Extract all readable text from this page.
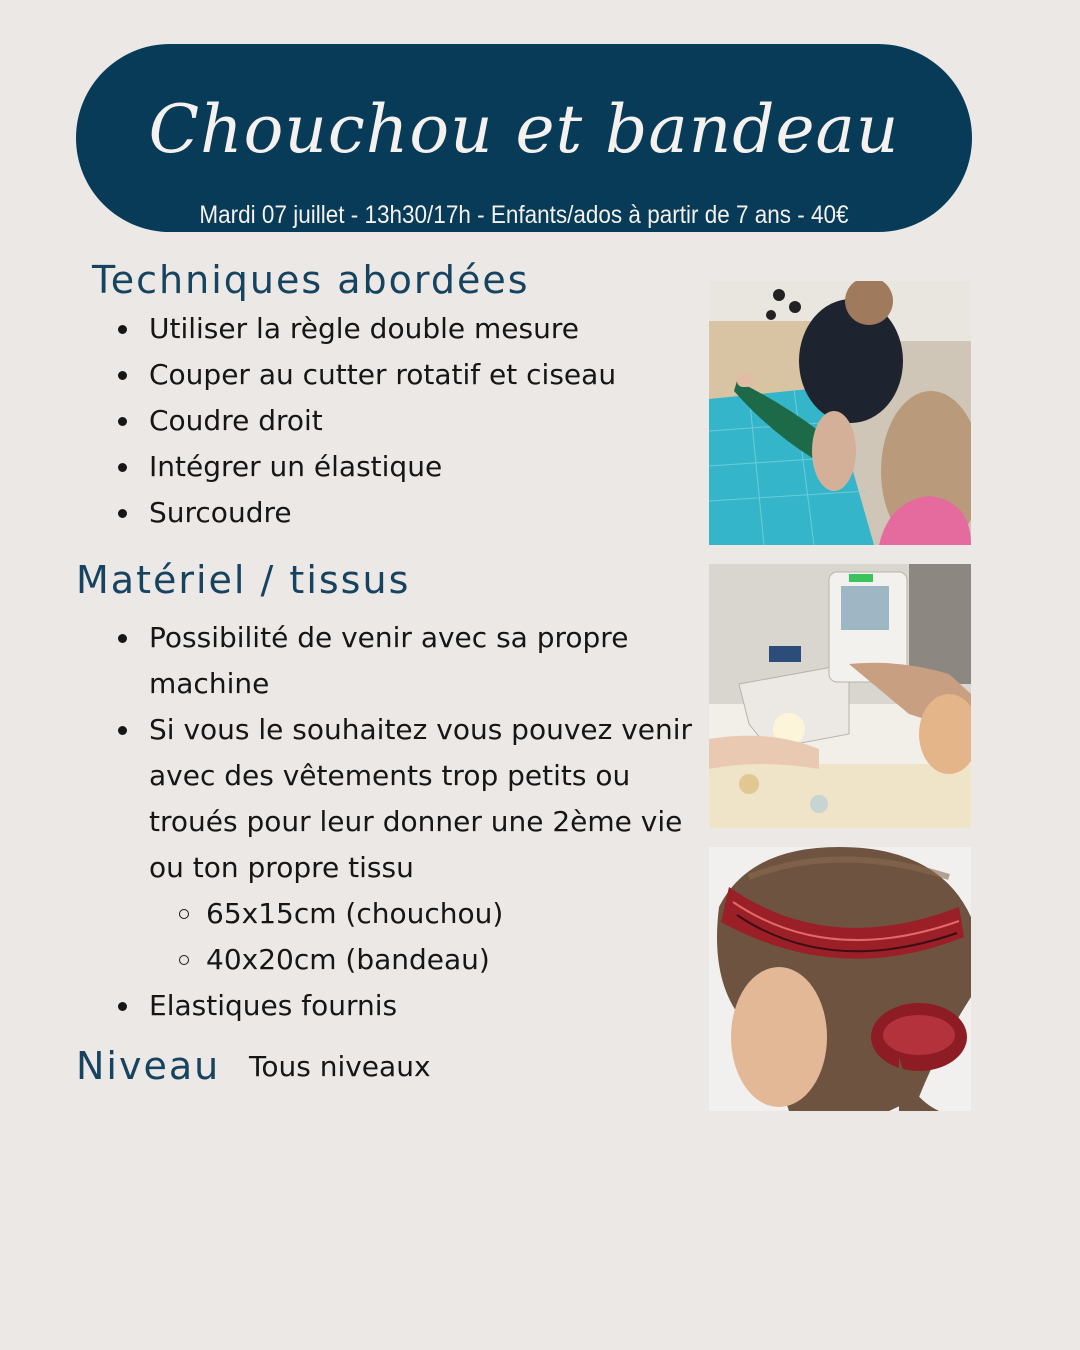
Chouchou et bandeau
Mardi 07 juillet - 13h30/17h - Enfants/ados à partir de 7 ans - 40€
Techniques abordées
Utiliser la règle double mesure
Couper au cutter rotatif et ciseau
Coudre droit
Intégrer un élastique
Surcoudre
Matériel / tissus
Possibilité de venir avec sa propre machine
Si vous le souhaitez vous pouvez venir avec des vêtements trop petits ou troués pour leur donner une 2ème vie ou ton propre tissu
65x15cm (chouchou)
40x20cm (bandeau)
Elastiques fournis
Niveau Tous niveaux
